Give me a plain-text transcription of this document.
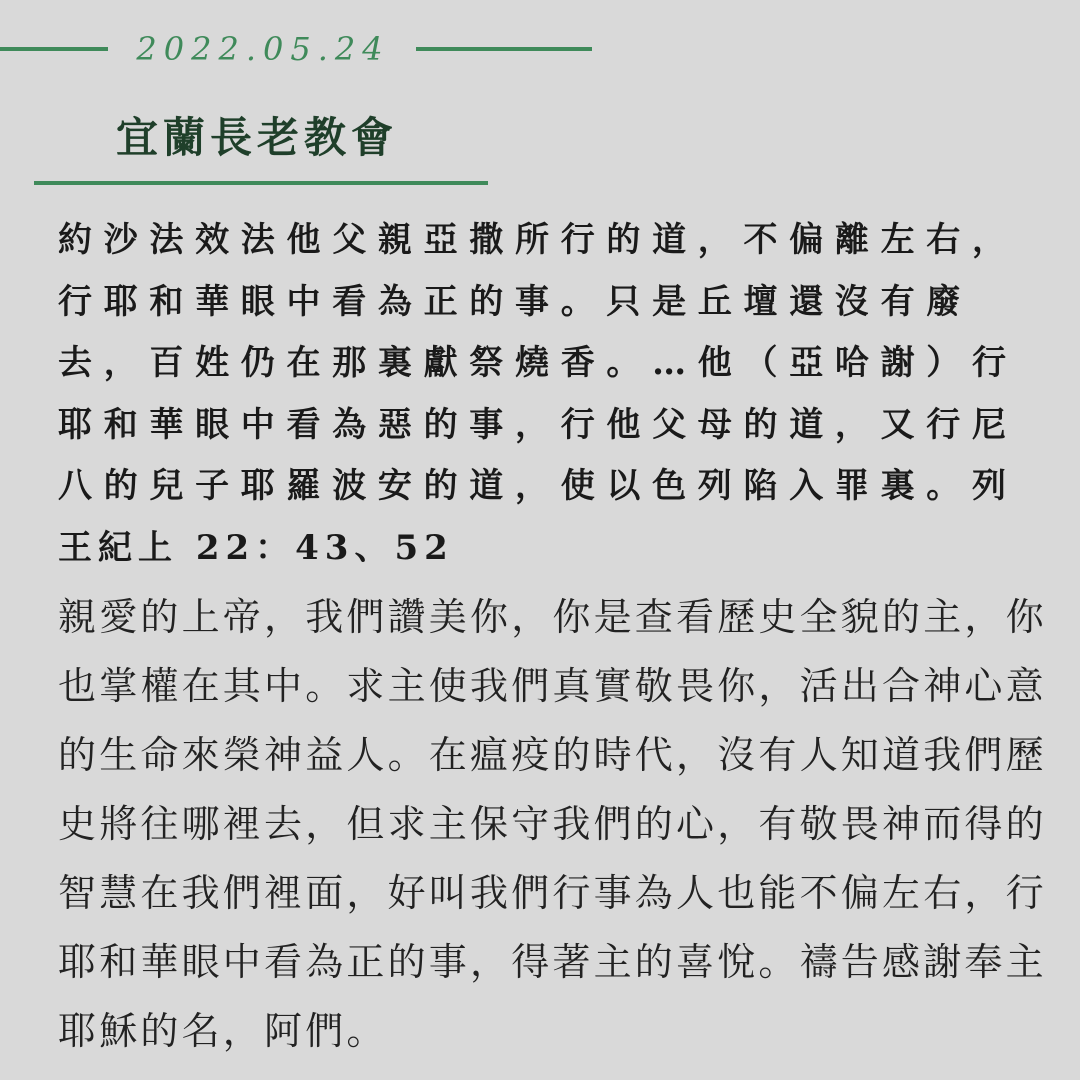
2022.05.24
宜蘭長老教會

約沙法效法他父親亞撒所行的道，不偏離左右，行耶和華眼中看為正的事。只是丘壇還沒有廢去，百姓仍在那裏獻祭燒香。…他（亞哈謝）行耶和華眼中看為惡的事，行他父母的道，又行尼八的兒子耶羅波安的道，使以色列陷入罪裏。列王紀上 22：43、52

親愛的上帝，我們讚美你，你是查看歷史全貌的主，你也掌權在其中。求主使我們真實敬畏你，活出合神心意的生命來榮神益人。在瘟疫的時代，沒有人知道我們歷史將往哪裡去，但求主保守我們的心，有敬畏神而得的智慧在我們裡面，好叫我們行事為人也能不偏左右，行耶和華眼中看為正的事，得著主的喜悅。禱告感謝奉主耶穌的名，阿們。
